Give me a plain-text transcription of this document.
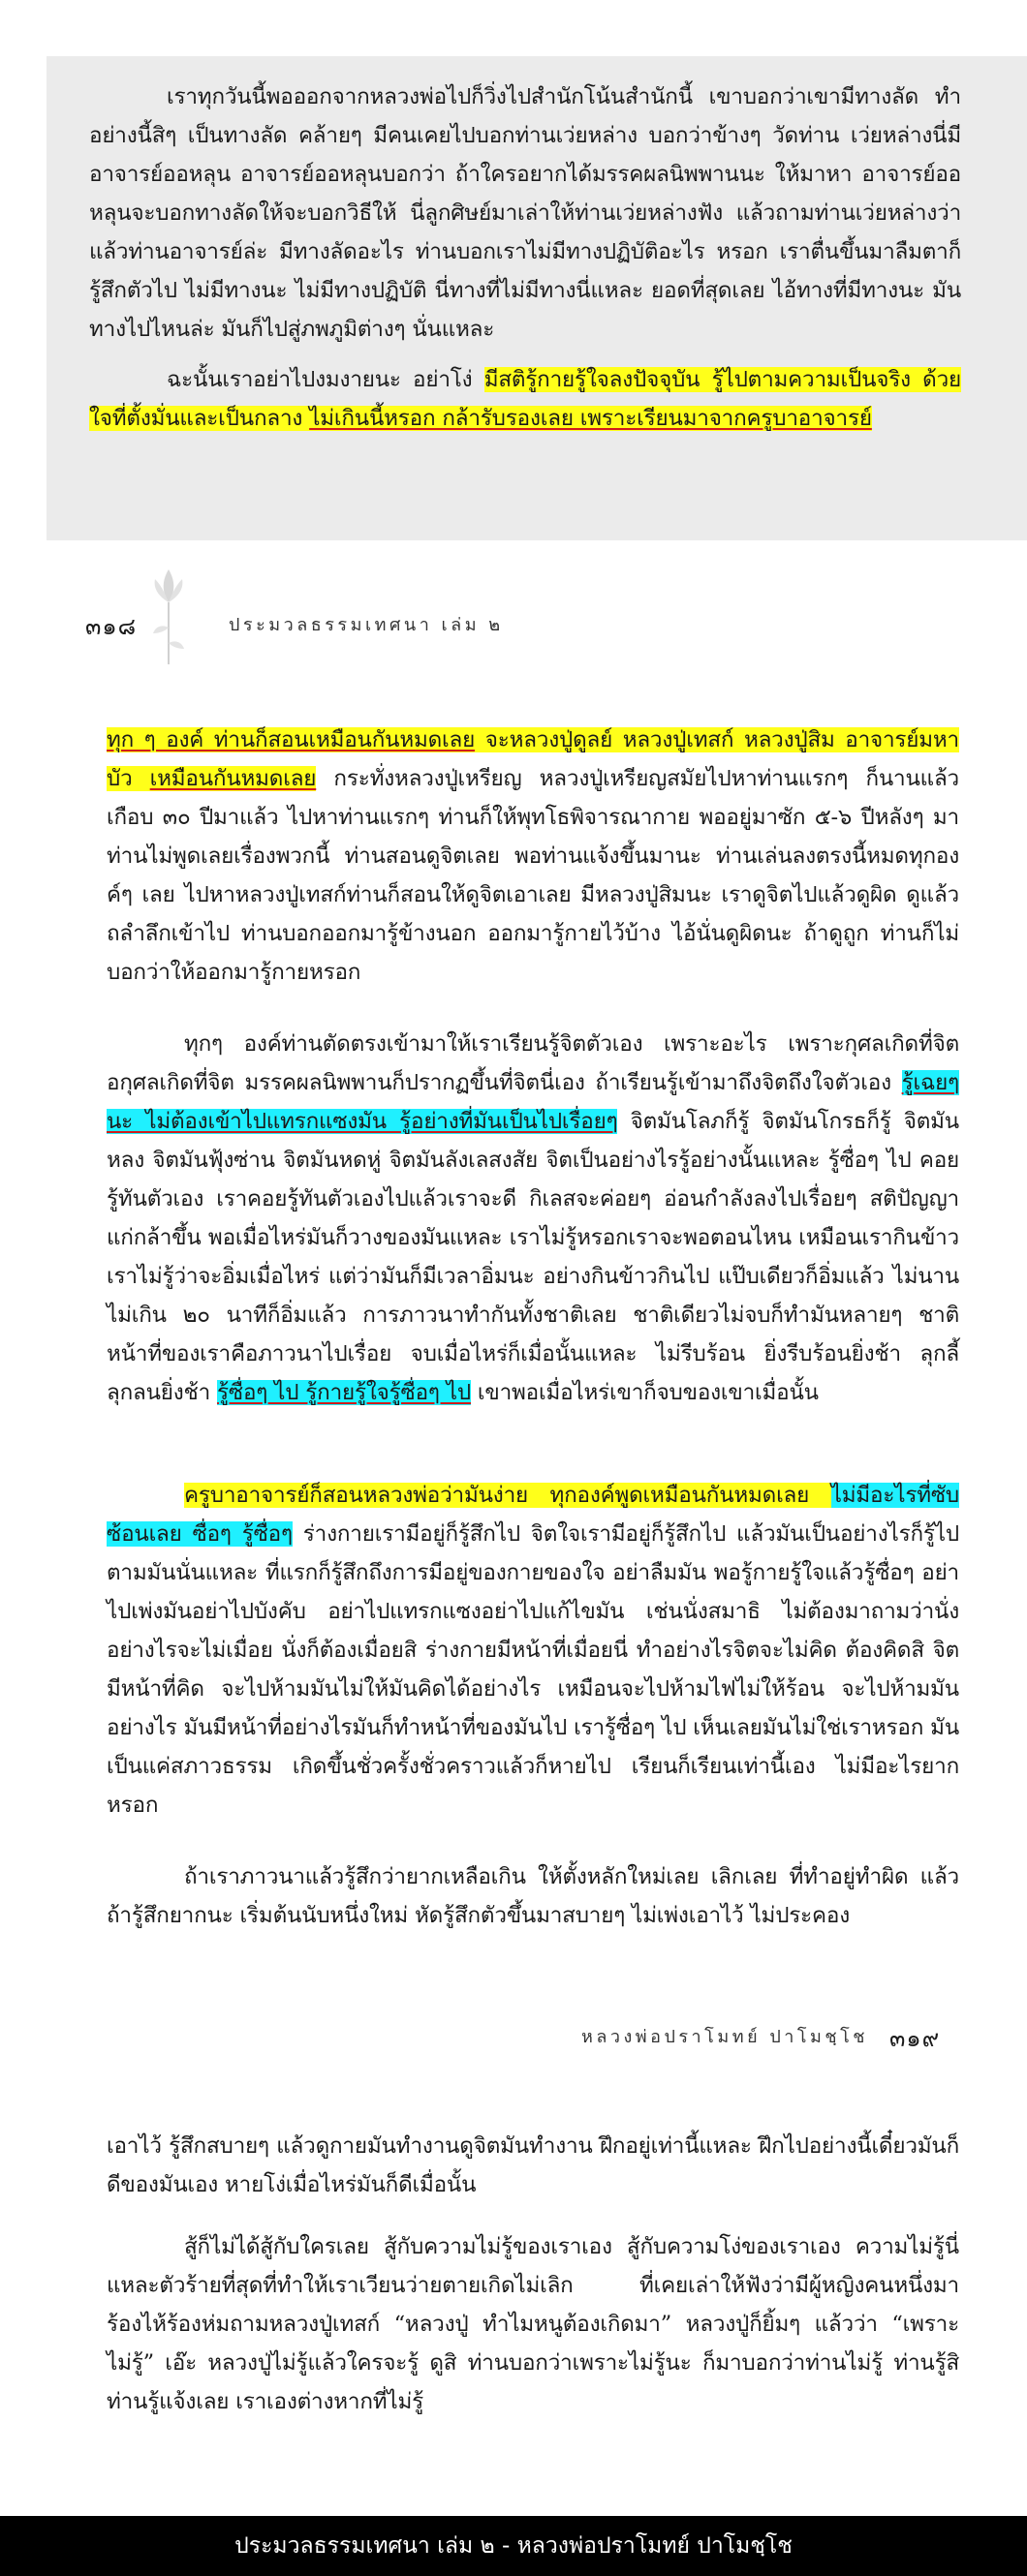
เราทุกวันนี้พอออกจากหลวงพ่อไปก็วิ่งไปสำนักโน้นสำนักนี้ เขาบอกว่าเขามีทางลัด ทำอย่างนี้สิๆ เป็นทางลัด คล้ายๆ มีคนเคยไปบอกท่านเว่ยหล่าง บอกว่าข้างๆ วัดท่าน เว่ยหล่างนี่มีอาจารย์ออหลุน อาจารย์ออหลุนบอกว่า ถ้าใครอยากได้มรรคผลนิพพานนะ ให้มาหา อาจารย์ออหลุนจะบอกทางลัดให้จะบอกวิธีให้ นี่ลูกศิษย์มาเล่าให้ท่านเว่ยหล่างฟัง แล้วถามท่านเว่ยหล่างว่า แล้วท่านอาจารย์ล่ะ มีทางลัดอะไร ท่านบอกเราไม่มีทางปฏิบัติอะไร หรอก เราตื่นขึ้นมาลืมตาก็รู้สึกตัวไป ไม่มีทางนะ ไม่มีทางปฏิบัติ นี่ทางที่ไม่มีทางนี่แหละ ยอดที่สุดเลย ไอ้ทางที่มีทางนะ มันทางไปไหนล่ะ มันก็ไปสู่ภพภูมิต่างๆ นั่นแหละ

ฉะนั้นเราอย่าไปงมงายนะ อย่าโง่ มีสติรู้กายรู้ใจลงปัจจุบัน รู้ไปตามความเป็นจริง ด้วยใจที่ตั้งมั่นและเป็นกลาง ไม่เกินนี้หรอก กล้ารับรองเลย เพราะเรียนมาจากครูบาอาจารย์

๓๑๘	ประมวลธรรมเทศนา เล่ม ๒

ทุก ๆ องค์ ท่านก็สอนเหมือนกันหมดเลย จะหลวงปู่ดูลย์ หลวงปู่เทสก์ หลวงปู่สิม อาจารย์มหาบัว เหมือนกันหมดเลย กระทั่งหลวงปู่เหรียญ หลวงปู่เหรียญสมัยไปหาท่านแรกๆ ก็นานแล้วเกือบ ๓๐ ปีมาแล้ว ไปหาท่านแรกๆ ท่านก็ให้พุทโธพิจารณากาย พออยู่มาซัก ๕-๖ ปีหลังๆ มา ท่านไม่พูดเลยเรื่องพวกนี้ ท่านสอนดูจิตเลย พอท่านแจ้งขึ้นมานะ ท่านเล่นลงตรงนี้หมดทุกองค์ๆ เลย ไปหาหลวงปู่เทสก์ท่านก็สอนให้ดูจิตเอาเลย มีหลวงปู่สิมนะ เราดูจิตไปแล้วดูผิด ดูแล้วถลำลึกเข้าไป ท่านบอกออกมารู้ข้างนอก ออกมารู้กายไว้บ้าง ไอ้นั่นดูผิดนะ ถ้าดูถูก ท่านก็ไม่บอกว่าให้ออกมารู้กายหรอก

ทุกๆ องค์ท่านตัดตรงเข้ามาให้เราเรียนรู้จิตตัวเอง เพราะอะไร เพราะกุศลเกิดที่จิต อกุศลเกิดที่จิต มรรคผลนิพพานก็ปรากฏขึ้นที่จิตนี่เอง ถ้าเรียนรู้เข้ามาถึงจิตถึงใจตัวเอง รู้เฉยๆ นะ ไม่ต้องเข้าไปแทรกแซงมัน รู้อย่างที่มันเป็นไปเรื่อยๆ จิตมันโลภก็รู้ จิตมันโกรธก็รู้ จิตมันหลง จิตมันฟุ้งซ่าน จิตมันหดหู่ จิตมันลังเลสงสัย จิตเป็นอย่างไรรู้อย่างนั้นแหละ รู้ซื่อๆ ไป คอยรู้ทันตัวเอง เราคอยรู้ทันตัวเองไปแล้วเราจะดี กิเลสจะค่อยๆ อ่อนกำลังลงไปเรื่อยๆ สติปัญญาแก่กล้าขึ้น พอเมื่อไหร่มันก็วางของมันแหละ เราไม่รู้หรอกเราจะพอตอนไหน เหมือนเรากินข้าวเราไม่รู้ว่าจะอิ่มเมื่อไหร่ แต่ว่ามันก็มีเวลาอิ่มนะ อย่างกินข้าวกินไป แป๊บเดียวก็อิ่มแล้ว ไม่นาน ไม่เกิน ๒๐ นาทีก็อิ่มแล้ว การภาวนาทำกันทั้งชาติเลย ชาติเดียวไม่จบก็ทำมันหลายๆ ชาติ หน้าที่ของเราคือภาวนาไปเรื่อย จบเมื่อไหร่ก็เมื่อนั้นแหละ ไม่รีบร้อน ยิ่งรีบร้อนยิ่งช้า ลุกลี้ลุกลนยิ่งช้า รู้ซื่อๆ ไป รู้กายรู้ใจรู้ซื่อๆ ไป เขาพอเมื่อไหร่เขาก็จบของเขาเมื่อนั้น

ครูบาอาจารย์ก็สอนหลวงพ่อว่ามันง่าย ทุกองค์พูดเหมือนกันหมดเลย ไม่มีอะไรที่ซับซ้อนเลย ซื่อๆ รู้ซื่อๆ ร่างกายเรามีอยู่ก็รู้สึกไป จิตใจเรามีอยู่ก็รู้สึกไป แล้วมันเป็นอย่างไรก็รู้ไปตามมันนั่นแหละ ที่แรกก็รู้สึกถึงการมีอยู่ของกายของใจ อย่าลืมมัน พอรู้กายรู้ใจแล้วรู้ซื่อๆ อย่าไปเพ่งมันอย่าไปบังคับ อย่าไปแทรกแซงอย่าไปแก้ไขมัน เช่นนั่งสมาธิ ไม่ต้องมาถามว่านั่งอย่างไรจะไม่เมื่อย นั่งก็ต้องเมื่อยสิ ร่างกายมีหน้าที่เมื่อยนี่ ทำอย่างไรจิตจะไม่คิด ต้องคิดสิ จิตมีหน้าที่คิด จะไปห้ามมันไม่ให้มันคิดได้อย่างไร เหมือนจะไปห้ามไฟไม่ให้ร้อน จะไปห้ามมันอย่างไร มันมีหน้าที่อย่างไรมันก็ทำหน้าที่ของมันไป เรารู้ซื่อๆ ไป เห็นเลยมันไม่ใช่เราหรอก มันเป็นแค่สภาวธรรม เกิดขึ้นชั่วครั้งชั่วคราวแล้วก็หายไป เรียนก็เรียนเท่านี้เอง ไม่มีอะไรยากหรอก

ถ้าเราภาวนาแล้วรู้สึกว่ายากเหลือเกิน ให้ตั้งหลักใหม่เลย เลิกเลย ที่ทำอยู่ทำผิด แล้ว ถ้ารู้สึกยากนะ เริ่มต้นนับหนึ่งใหม่ หัดรู้สึกตัวขึ้นมาสบายๆ ไม่เพ่งเอาไว้ ไม่ประคอง

หลวงพ่อปราโมทย์ ปาโมชฺโช ๓๑๙

เอาไว้ รู้สึกสบายๆ แล้วดูกายมันทำงานดูจิตมันทำงาน ฝึกอยู่เท่านี้แหละ ฝึกไปอย่างนี้เดี๋ยวมันก็ดีของมันเอง หายโง่เมื่อไหร่มันก็ดีเมื่อนั้น

สู้ก็ไม่ได้สู้กับใครเลย สู้กับความไม่รู้ของเราเอง สู้กับความโง่ของเราเอง ความไม่รู้นี่แหละตัวร้ายที่สุดที่ทำให้เราเวียนว่ายตายเกิดไม่เลิก ที่เคยเล่าให้ฟังว่ามีผู้หญิงคนหนึ่งมาร้องไห้ร้องห่มถามหลวงปู่เทสก์ “หลวงปู่ ทำไมหนูต้องเกิดมา” หลวงปู่ก็ยิ้มๆ แล้วว่า “เพราะไม่รู้” เอ๊ะ หลวงปู่ไม่รู้แล้วใครจะรู้ ดูสิ ท่านบอกว่าเพราะไม่รู้นะ ก็มาบอกว่าท่านไม่รู้ ท่านรู้สิ ท่านรู้แจ้งเลย เราเองต่างหากที่ไม่รู้

ประมวลธรรมเทศนา เล่ม ๒ - หลวงพ่อปราโมทย์ ปาโมชฺโช
